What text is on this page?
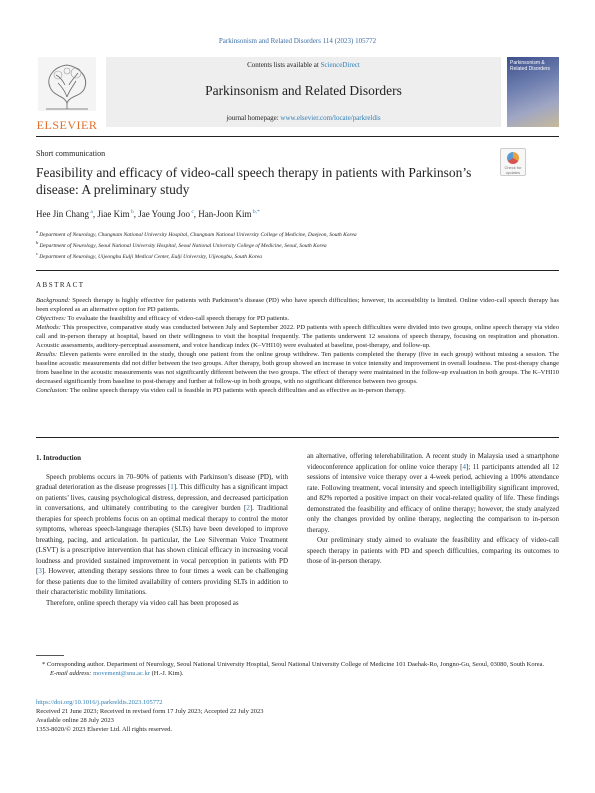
Parkinsonism and Related Disorders 114 (2023) 105772
ELSEVIER
Contents lists available at ScienceDirect
Parkinsonism and Related Disorders
journal homepage: www.elsevier.com/locate/parkreldis
Parkinsonism & Related Disorders
Short communication
Feasibility and efficacy of video-call speech therapy in patients with Parkinson’s disease: A preliminary study
Check for updates
Hee Jin Chang $^a$, Jiae Kim $^b$, Jae Young Joo $^c$, Han-Joon Kim $^{b,*}$
$^a$ Department of Neurology, Chungnam National University Hospital, Chungnam National University College of Medicine, Daejeon, South Korea
$^b$ Department of Neurology, Seoul National University Hospital, Seoul National University College of Medicine, Seoul, South Korea
$^c$ Department of Neurology, Uijeongbu Eulji Medical Center, Eulji University, Uijeongbu, South Korea
ABSTRACT

Background: Speech therapy is highly effective for patients with Parkinson’s disease (PD) who have speech difficulties; however, its accessibility is limited. Online video-call speech therapy has been explored as an alternative option for PD patients.

Objectives: To evaluate the feasibility and efficacy of video-call speech therapy for PD patients.

Methods: This prospective, comparative study was conducted between July and September 2022. PD patients with speech difficulties were divided into two groups, online speech therapy via video call and in-person therapy at hospital, based on their willingness to visit the hospital frequently. The patients underwent 12 sessions of speech therapy, focusing on respiration and phonation. Acoustic assessments, auditory-perceptual assessment, and voice handicap index (K–VHI10) were evaluated at baseline, post-therapy, and follow-up.

Results: Eleven patients were enrolled in the study, though one patient from the online group withdrew. Ten patients completed the therapy (five in each group) without missing a session. The baseline acoustic measurements did not differ between the two groups. After therapy, both group showed an increase in voice intensity and improvement in overall loudness. The post-therapy change from baseline in the acoustic measurements was not significantly different between the two groups. The effect of therapy were maintained in the follow-up evaluation in both groups. The K–VHI10 decreased significantly from baseline to post-therapy and further at follow-up in both groups, with no significant difference between two groups.

Conclusion: The online speech therapy via video call is feasible in PD patients with speech difficulties and as effective as in-person therapy.

1. Introduction

Speech problems occurs in 70–90% of patients with Parkinson’s disease (PD), with gradual deterioration as the disease progresses [1]. This difficulty has a significant impact on patients’ lives, causing psychological distress, depression, and decreased participation in conversations, and ultimately contributing to the caregiver burden [2]. Traditional therapies for speech problems focus on an optimal medical therapy to control the motor symptoms, whereas speech-language therapies (SLTs) have been developed to improve breathing, pacing, and articulation. In particular, the Lee Silverman Voice Treatment (LSVT) is a prescriptive intervention that has shown clinical efficacy in increasing vocal loudness and provided sustained improvement in vocal perception in patients with PD [3]. However, attending therapy sessions three to four times a week can be challenging for these patients due to the limited availability of centers providing SLTs in addition to their characteristic mobility limitations.

Therefore, online speech therapy via video call has been proposed as

an alternative, offering telerehabilitation. A recent study in Malaysia used a smartphone videoconference application for online voice therapy [4]; 11 participants attended all 12 sessions of intensive voice therapy over a 4-week period, achieving a 100% attendance rate. Following treatment, vocal intensity and speech intelligibility significant improved, and 82% reported a positive impact on their vocal-related quality of life. These findings demonstrated the feasibility and efficacy of online therapy; however, the study analyzed only the changes provided by online therapy, neglecting the comparison to in-person therapy.

Our preliminary study aimed to evaluate the feasibility and efficacy of video-call speech therapy in patients with PD and speech difficulties, comparing its outcomes to those of in-person therapy.

* Corresponding author. Department of Neurology, Seoul National University Hospital, Seoul National University College of Medicine 101 Daehak-Ro, Jongno-Gu, Seoul, 03080, South Korea.
E-mail address: movement@snu.ac.kr (H.-J. Kim).
https://doi.org/10.1016/j.parkreldis.2023.105772
Received 21 June 2023; Received in revised form 17 July 2023; Accepted 22 July 2023
Available online 28 July 2023
1353-8020/© 2023 Elsevier Ltd. All rights reserved.
